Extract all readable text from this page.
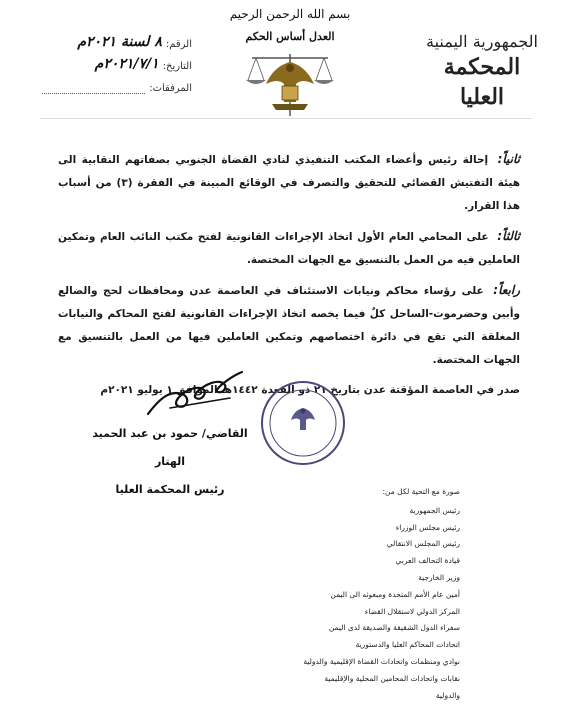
الجمهورية اليمنية
المحكمة العليا
بسم الله الرحمن الرحيم
العدل أساس الحكم
الرقم:
٨ لسنة ٢٠٢١م
التاريخ:
٢٠٢١/٧/١م
المرفقات:

ثانياً: إحالة رئيس وأعضاء المكتب التنفيذي لنادي القضاة الجنوبي بصفاتهم النقابية الى هيئة التفتيش القضائي للتحقيق والتصرف في الوقائع المبينة في الفقرة (٣) من أسباب هذا القرار.

ثالثاً: على المحامي العام الأول اتخاذ الإجراءات القانونية لفتح مكتب النائب العام وتمكين العاملين فيه من العمل بالتنسيق مع الجهات المختصة.

رابعاً: على رؤساء محاكم ونيابات الاستئناف في العاصمة عدن ومحافظات لحج والضالع وأبين وحضرموت-الساحل كلٌ فيما يخصه اتخاذ الإجراءات القانونية لفتح المحاكم والنيابات المغلقة التي تقع في دائرة اختصاصهم وتمكين العاملين فيها من العمل بالتنسيق مع الجهات المختصة.

صدر في العاصمة المؤقتة عدن بتاريخ ٢١ ذو القعدة ١٤٤٢هـ الموافق ١ يوليو ٢٠٢١م

القاضي/ حمود بن عبد الحميد الهتار
رئيس المحكمة العليا	صورة مع التحية لكل من:
رئيس الجمهورية
رئيس مجلس الوزراء
رئيس المجلس الانتقالي
قيادة التحالف العربي
وزير الخارجية
أمين عام الأمم المتحدة ومبعوثه الى اليمن
المركز الدولي لاستقلال القضاء
سفراء الدول الشقيقة والصديقة لدى اليمن
اتحادات المحاكم العليا والدستورية
نوادي ومنظمات واتحادات القضاة الإقليمية والدولية
نقابات واتحادات المحامين المحلية والإقليمية والدولية
